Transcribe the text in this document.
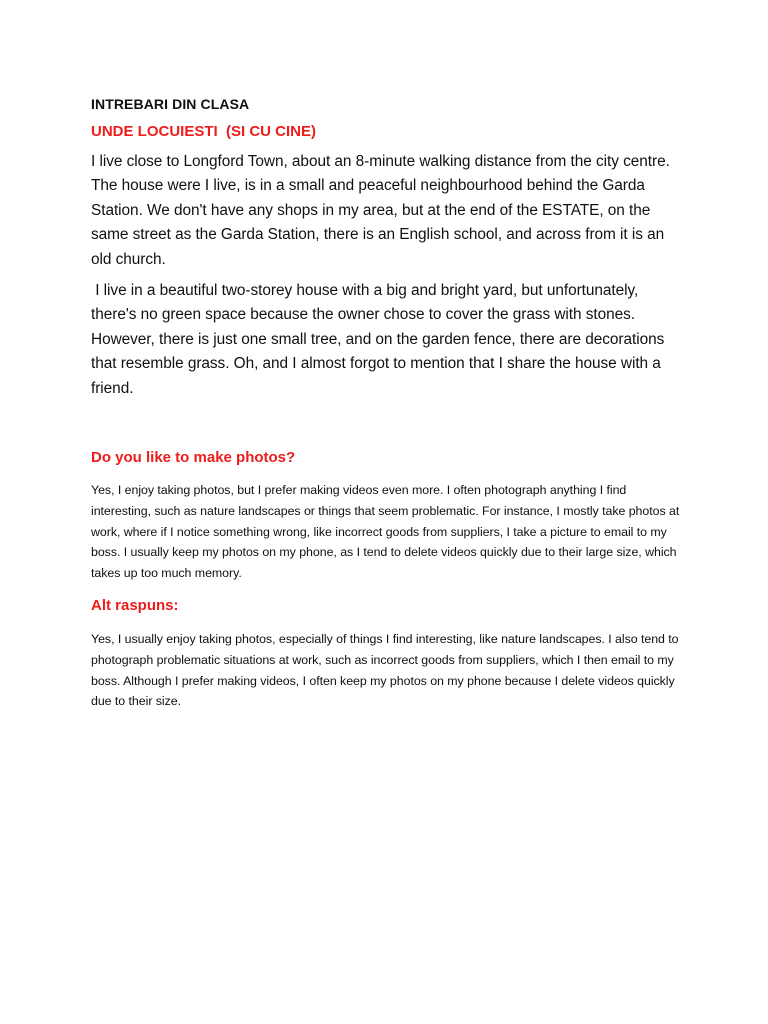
INTREBARI DIN CLASA

UNDE LOCUIESTI  (SI CU CINE)

I live close to Longford Town, about an 8-minute walking distance from the city centre. The house were I live, is in a small and peaceful neighbourhood behind the Garda Station. We don't have any shops in my area, but at the end of the ESTATE, on the same street as the Garda Station, there is an English school, and across from it is an old church.

I live in a beautiful two-storey house with a big and bright yard, but unfortunately, there's no green space because the owner chose to cover the grass with stones. However, there is just one small tree, and on the garden fence, there are decorations that resemble grass. Oh, and I almost forgot to mention that I share the house with a friend.

Do you like to make photos?

Yes, I enjoy taking photos, but I prefer making videos even more. I often photograph anything I find interesting, such as nature landscapes or things that seem problematic. For instance, I mostly take photos at work, where if I notice something wrong, like incorrect goods from suppliers, I take a picture to email to my boss. I usually keep my photos on my phone, as I tend to delete videos quickly due to their large size, which takes up too much memory.

Alt raspuns:

Yes, I usually enjoy taking photos, especially of things I find interesting, like nature landscapes. I also tend to photograph problematic situations at work, such as incorrect goods from suppliers, which I then email to my boss. Although I prefer making videos, I often keep my photos on my phone because I delete videos quickly due to their size.
